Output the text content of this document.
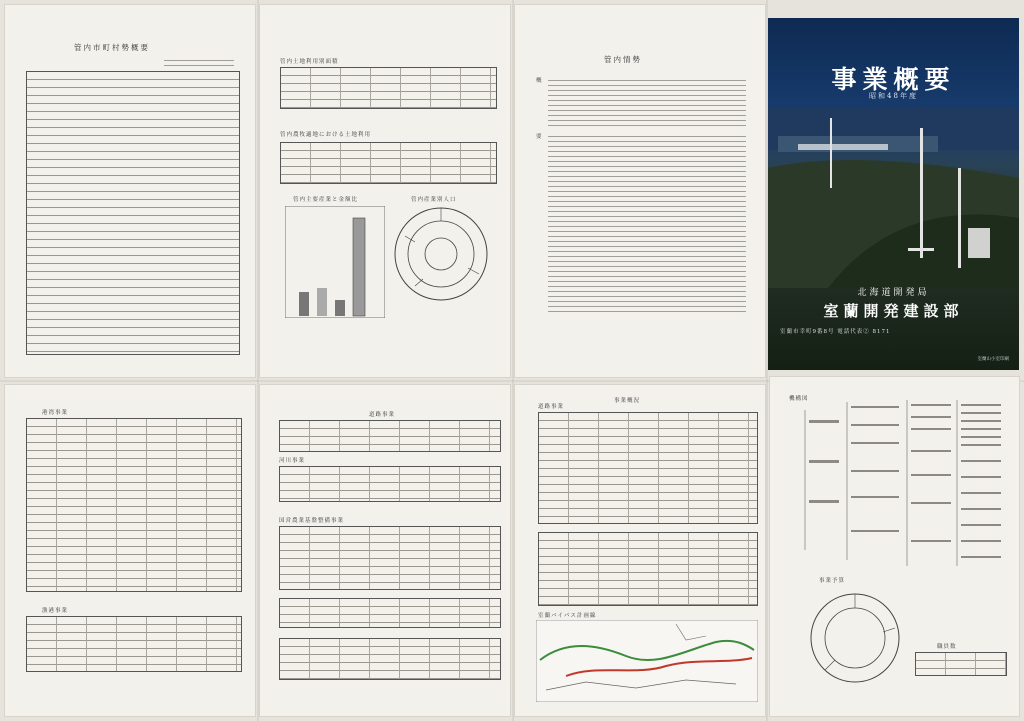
管内市町村勢概要
管内土地利用別面積
管内農牧適地における土地利用
管内主要産業と金額比	管内産業別人口
管内情勢
概
要
事業概要
昭和48年度
北海道開発局
室蘭開発建設部
室蘭市幸町9番8号 電話代表② 8171
室蘭山小室印刷
港湾事業
漁港事業
道路事業
河川事業
国営農業基盤整備事業
事業概況
道路事業
室蘭バイパス計画線
機構図
事業予算
職員数
